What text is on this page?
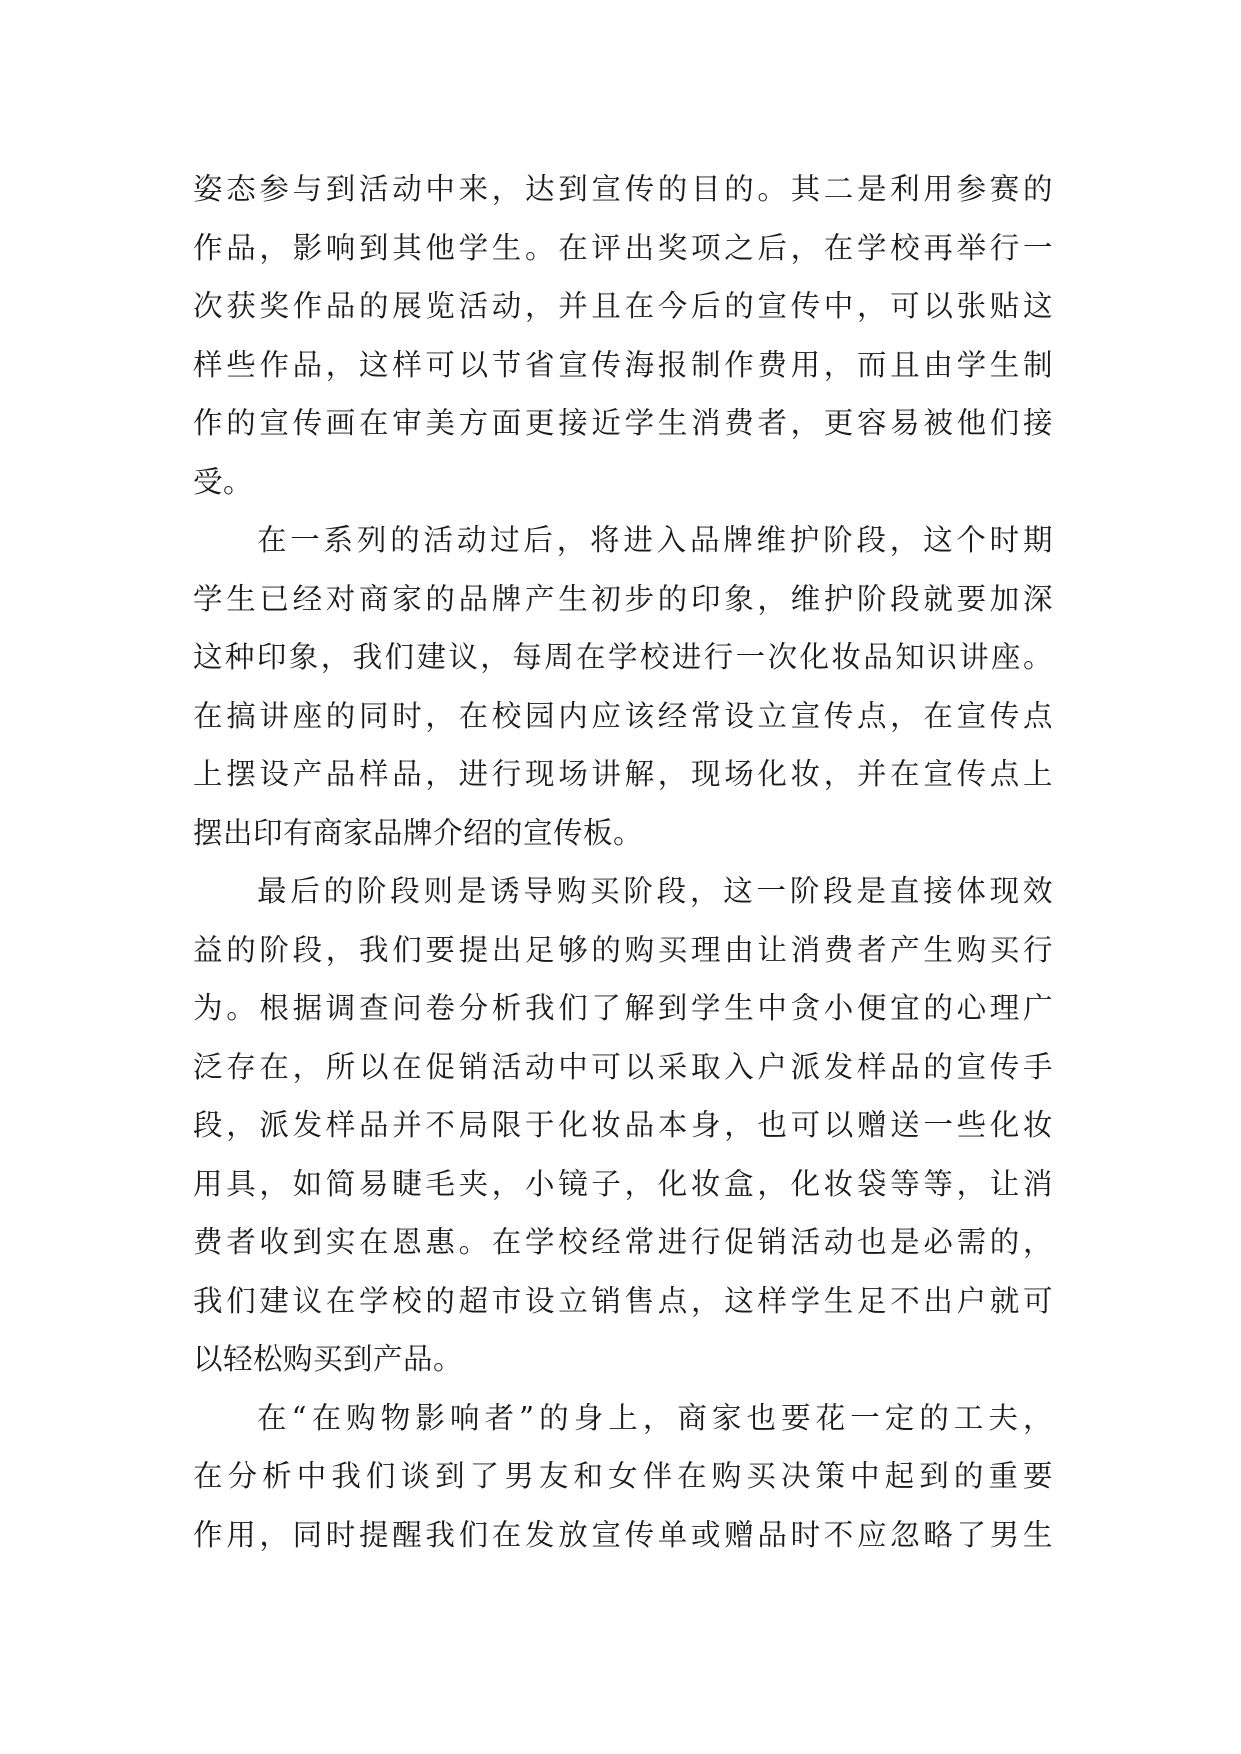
姿态参与到活动中来，达到宣传的目的。其二是利用参赛的
作品，影响到其他学生。在评出奖项之后，在学校再举行一
次获奖作品的展览活动，并且在今后的宣传中，可以张贴这
样些作品，这样可以节省宣传海报制作费用，而且由学生制
作的宣传画在审美方面更接近学生消费者，更容易被他们接
受。
在一系列的活动过后，将进入品牌维护阶段，这个时期
学生已经对商家的品牌产生初步的印象，维护阶段就要加深
这种印象，我们建议，每周在学校进行一次化妆品知识讲座。
在搞讲座的同时，在校园内应该经常设立宣传点，在宣传点
上摆设产品样品，进行现场讲解，现场化妆，并在宣传点上
摆出印有商家品牌介绍的宣传板。
最后的阶段则是诱导购买阶段，这一阶段是直接体现效
益的阶段，我们要提出足够的购买理由让消费者产生购买行
为。根据调查问卷分析我们了解到学生中贪小便宜的心理广
泛存在，所以在促销活动中可以采取入户派发样品的宣传手
段，派发样品并不局限于化妆品本身，也可以赠送一些化妆
用具，如简易睫毛夹，小镜子，化妆盒，化妆袋等等，让消
费者收到实在恩惠。在学校经常进行促销活动也是必需的，
我们建议在学校的超市设立销售点，这样学生足不出户就可
以轻松购买到产品。
在“在购物影响者”的身上，商家也要花一定的工夫，
在分析中我们谈到了男友和女伴在购买决策中起到的重要
作用，同时提醒我们在发放宣传单或赠品时不应忽略了男生
